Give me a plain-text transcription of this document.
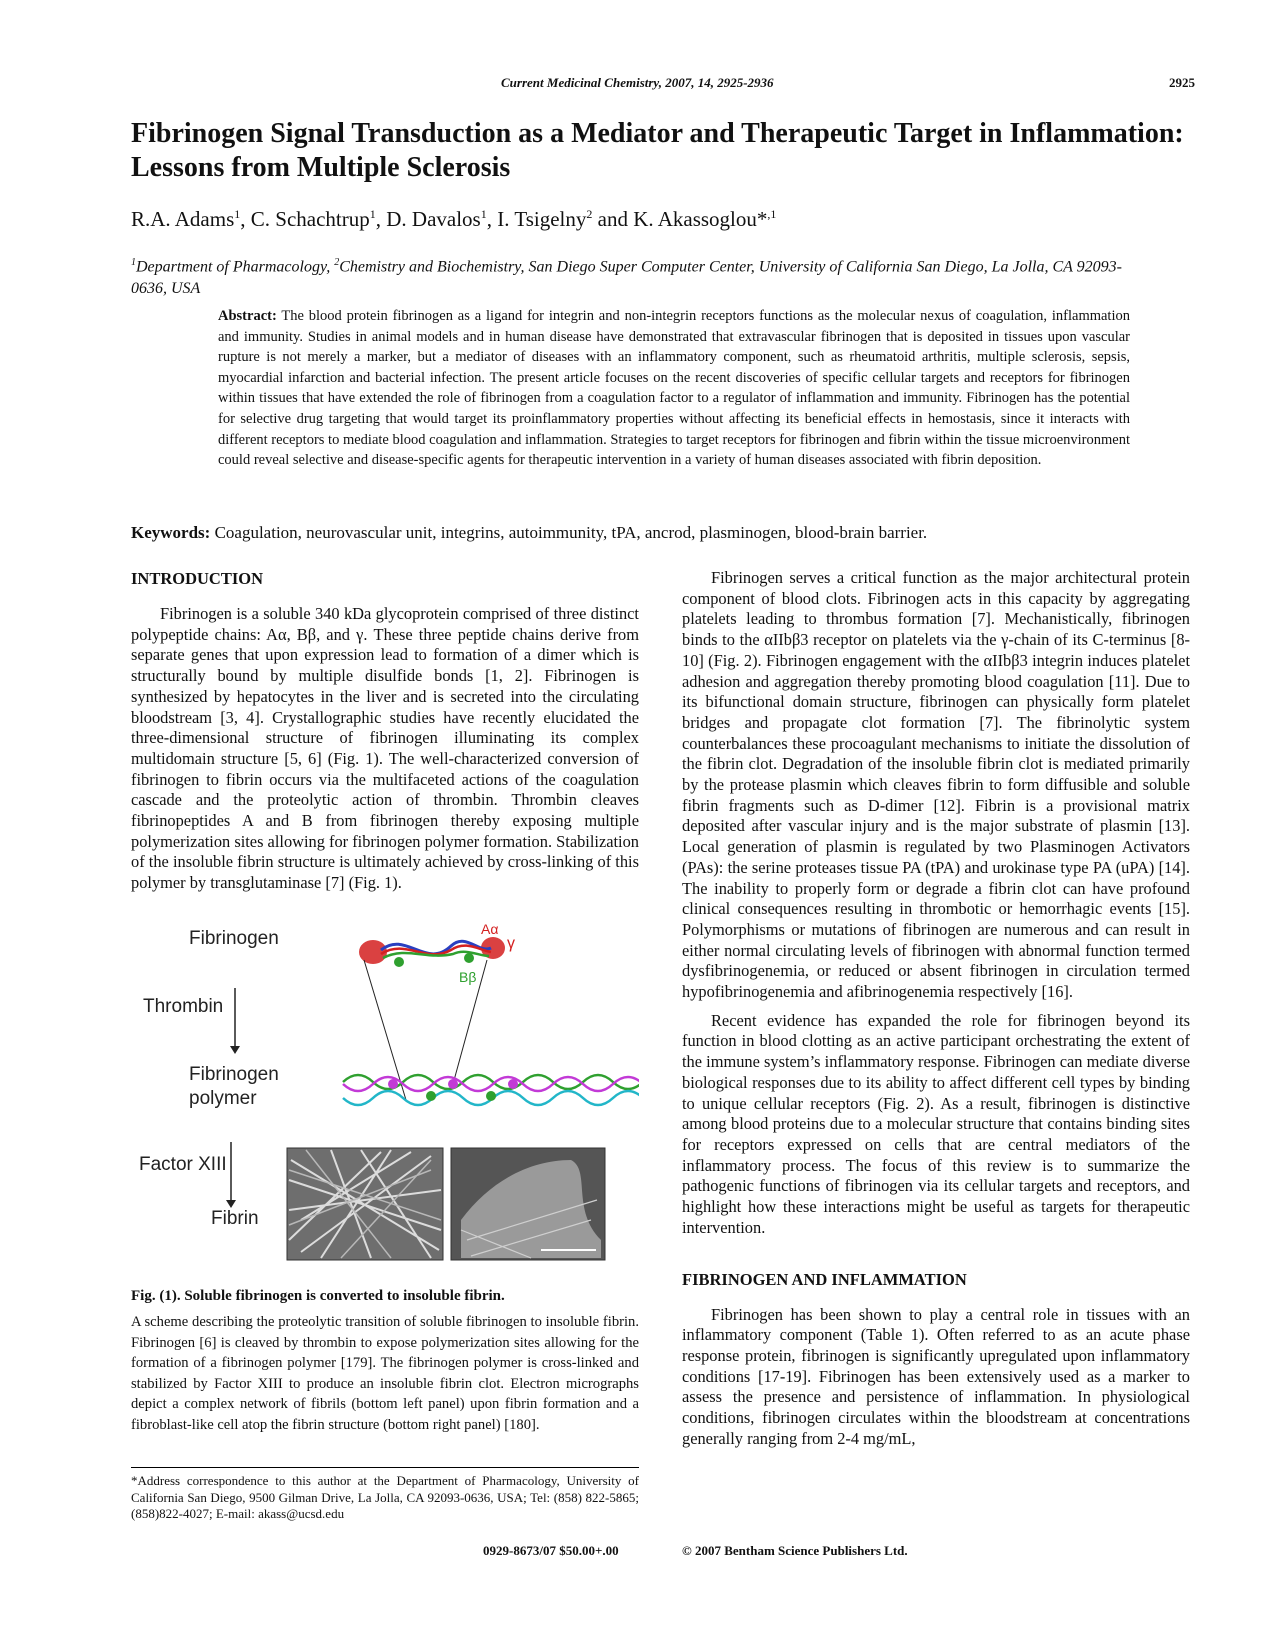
Current Medicinal Chemistry, 2007, 14, 2925-2936	2925
Fibrinogen Signal Transduction as a Mediator and Therapeutic Target in Inflammation: Lessons from Multiple Sclerosis
R.A. Adams$^1$, C. Schachtrup$^1$, D. Davalos$^1$, I. Tsigelny$^2$ and K. Akassoglou*$^{,1}$
$^1$Department of Pharmacology, $^2$Chemistry and Biochemistry, San Diego Super Computer Center, University of California San Diego, La Jolla, CA 92093-0636, USA
Abstract: The blood protein fibrinogen as a ligand for integrin and non-integrin receptors functions as the molecular nexus of coagulation, inflammation and immunity. Studies in animal models and in human disease have demonstrated that extravascular fibrinogen that is deposited in tissues upon vascular rupture is not merely a marker, but a mediator of diseases with an inflammatory component, such as rheumatoid arthritis, multiple sclerosis, sepsis, myocardial infarction and bacterial infection. The present article focuses on the recent discoveries of specific cellular targets and receptors for fibrinogen within tissues that have extended the role of fibrinogen from a coagulation factor to a regulator of inflammation and immunity. Fibrinogen has the potential for selective drug targeting that would target its proinflammatory properties without affecting its beneficial effects in hemostasis, since it interacts with different receptors to mediate blood coagulation and inflammation. Strategies to target receptors for fibrinogen and fibrin within the tissue microenvironment could reveal selective and disease-specific agents for therapeutic intervention in a variety of human diseases associated with fibrin deposition.
Keywords: Coagulation, neurovascular unit, integrins, autoimmunity, tPA, ancrod, plasminogen, blood-brain barrier.
INTRODUCTION

Fibrinogen is a soluble 340 kDa glycoprotein comprised of three distinct polypeptide chains: Aα, Bβ, and γ. These three peptide chains derive from separate genes that upon expression lead to formation of a dimer which is structurally bound by multiple disulfide bonds [1, 2]. Fibrinogen is synthesized by hepatocytes in the liver and is secreted into the circulating bloodstream [3, 4]. Crystallographic studies have recently elucidated the three-dimensional structure of fibrinogen illuminating its complex multidomain structure [5, 6] (Fig. 1). The well-characterized conversion of fibrinogen to fibrin occurs via the multifaceted actions of the coagulation cascade and the proteolytic action of thrombin. Thrombin cleaves fibrinopeptides A and B from fibrinogen thereby exposing multiple polymerization sites allowing for fibrinogen polymer formation. Stabilization of the insoluble fibrin structure is ultimately achieved by cross-linking of this polymer by transglutaminase [7] (Fig. 1).

Fibrinogen
Thrombin
Fibrinogen
polymer
Factor XIII
Fibrin
Aα
γ
Bβ
Fig. (1). Soluble fibrinogen is converted to insoluble fibrin.
A scheme describing the proteolytic transition of soluble fibrinogen to insoluble fibrin. Fibrinogen [6] is cleaved by thrombin to expose polymerization sites allowing for the formation of a fibrinogen polymer [179]. The fibrinogen polymer is cross-linked and stabilized by Factor XIII to produce an insoluble fibrin clot. Electron micrographs depict a complex network of fibrils (bottom left panel) upon fibrin formation and a fibroblast-like cell atop the fibrin structure (bottom right panel) [180].
*Address correspondence to this author at the Department of Pharmacology, University of California San Diego, 9500 Gilman Drive, La Jolla, CA 92093-0636, USA; Tel: (858) 822-5865; (858)822-4027; E-mail: akass@ucsd.edu

Fibrinogen serves a critical function as the major architectural protein component of blood clots. Fibrinogen acts in this capacity by aggregating platelets leading to thrombus formation [7]. Mechanistically, fibrinogen binds to the αIIbβ3 receptor on platelets via the γ-chain of its C-terminus [8-10] (Fig. 2). Fibrinogen engagement with the αIIbβ3 integrin induces platelet adhesion and aggregation thereby promoting blood coagulation [11]. Due to its bifunctional domain structure, fibrinogen can physically form platelet bridges and propagate clot formation [7]. The fibrinolytic system counterbalances these procoagulant mechanisms to initiate the dissolution of the fibrin clot. Degradation of the insoluble fibrin clot is mediated primarily by the protease plasmin which cleaves fibrin to form diffusible and soluble fibrin fragments such as D-dimer [12]. Fibrin is a provisional matrix deposited after vascular injury and is the major substrate of plasmin [13]. Local generation of plasmin is regulated by two Plasminogen Activators (PAs): the serine proteases tissue PA (tPA) and urokinase type PA (uPA) [14]. The inability to properly form or degrade a fibrin clot can have profound clinical consequences resulting in thrombotic or hemorrhagic events [15]. Polymorphisms or mutations of fibrinogen are numerous and can result in either normal circulating levels of fibrinogen with abnormal function termed dysfibrinogenemia, or reduced or absent fibrinogen in circulation termed hypofibrinogenemia and afibrinogenemia respectively [16].

Recent evidence has expanded the role for fibrinogen beyond its function in blood clotting as an active participant orchestrating the extent of the immune system’s inflammatory response. Fibrinogen can mediate diverse biological responses due to its ability to affect different cell types by binding to unique cellular receptors (Fig. 2). As a result, fibrinogen is distinctive among blood proteins due to a molecular structure that contains binding sites for receptors expressed on cells that are central mediators of the inflammatory process. The focus of this review is to summarize the pathogenic functions of fibrinogen via its cellular targets and receptors, and highlight how these interactions might be useful as targets for therapeutic intervention.

FIBRINOGEN AND INFLAMMATION

Fibrinogen has been shown to play a central role in tissues with an inflammatory component (Table 1). Often referred to as an acute phase response protein, fibrinogen is significantly upregulated upon inflammatory conditions [17-19]. Fibrinogen has been extensively used as a marker to assess the presence and persistence of inflammation. In physiological conditions, fibrinogen circulates within the bloodstream at concentrations generally ranging from 2-4 mg/mL,

0929-8673/07 $50.00+.00	© 2007 Bentham Science Publishers Ltd.
